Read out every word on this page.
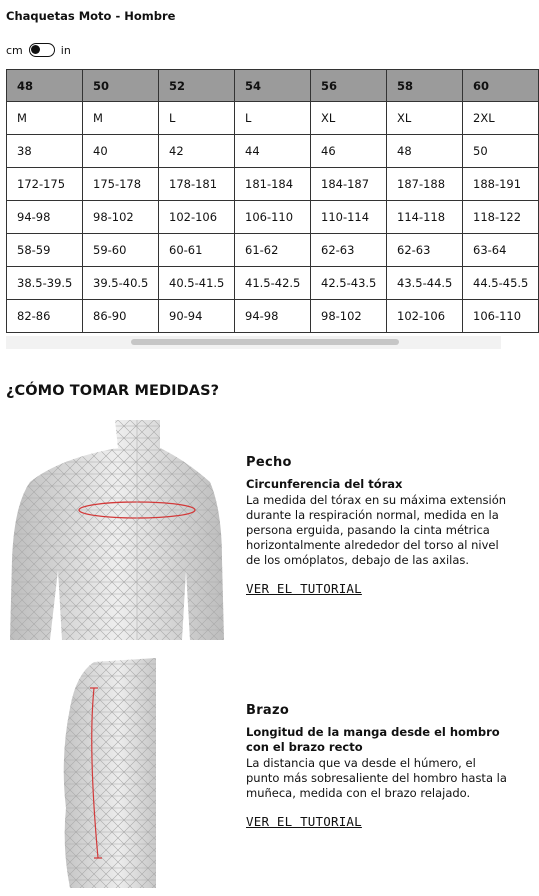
Chaquetas Moto - Hombre
cm	in
48	50	52	54	56	58	60
M	M	L	L	XL	XL	2XL
38	40	42	44	46	48	50
172-175	175-178	178-181	181-184	184-187	187-188	188-191
94-98	98-102	102-106	106-110	110-114	114-118	118-122
58-59	59-60	60-61	61-62	62-63	62-63	63-64
38.5-39.5	39.5-40.5	40.5-41.5	41.5-42.5	42.5-43.5	43.5-44.5	44.5-45.5
82-86	86-90	90-94	94-98	98-102	102-106	106-110
¿CÓMO TOMAR MEDIDAS?
Pecho
Circunferencia del tórax
La medida del tórax en su máxima extensión durante la respiración normal, medida en la persona erguida, pasando la cinta métrica horizontalmente alrededor del torso al nivel de los omóplatos, debajo de las axilas.
VER EL TUTORIAL
Brazo
Longitud de la manga desde el hombro con el brazo recto
La distancia que va desde el húmero, el punto más sobresaliente del hombro hasta la muñeca, medida con el brazo relajado.
VER EL TUTORIAL
